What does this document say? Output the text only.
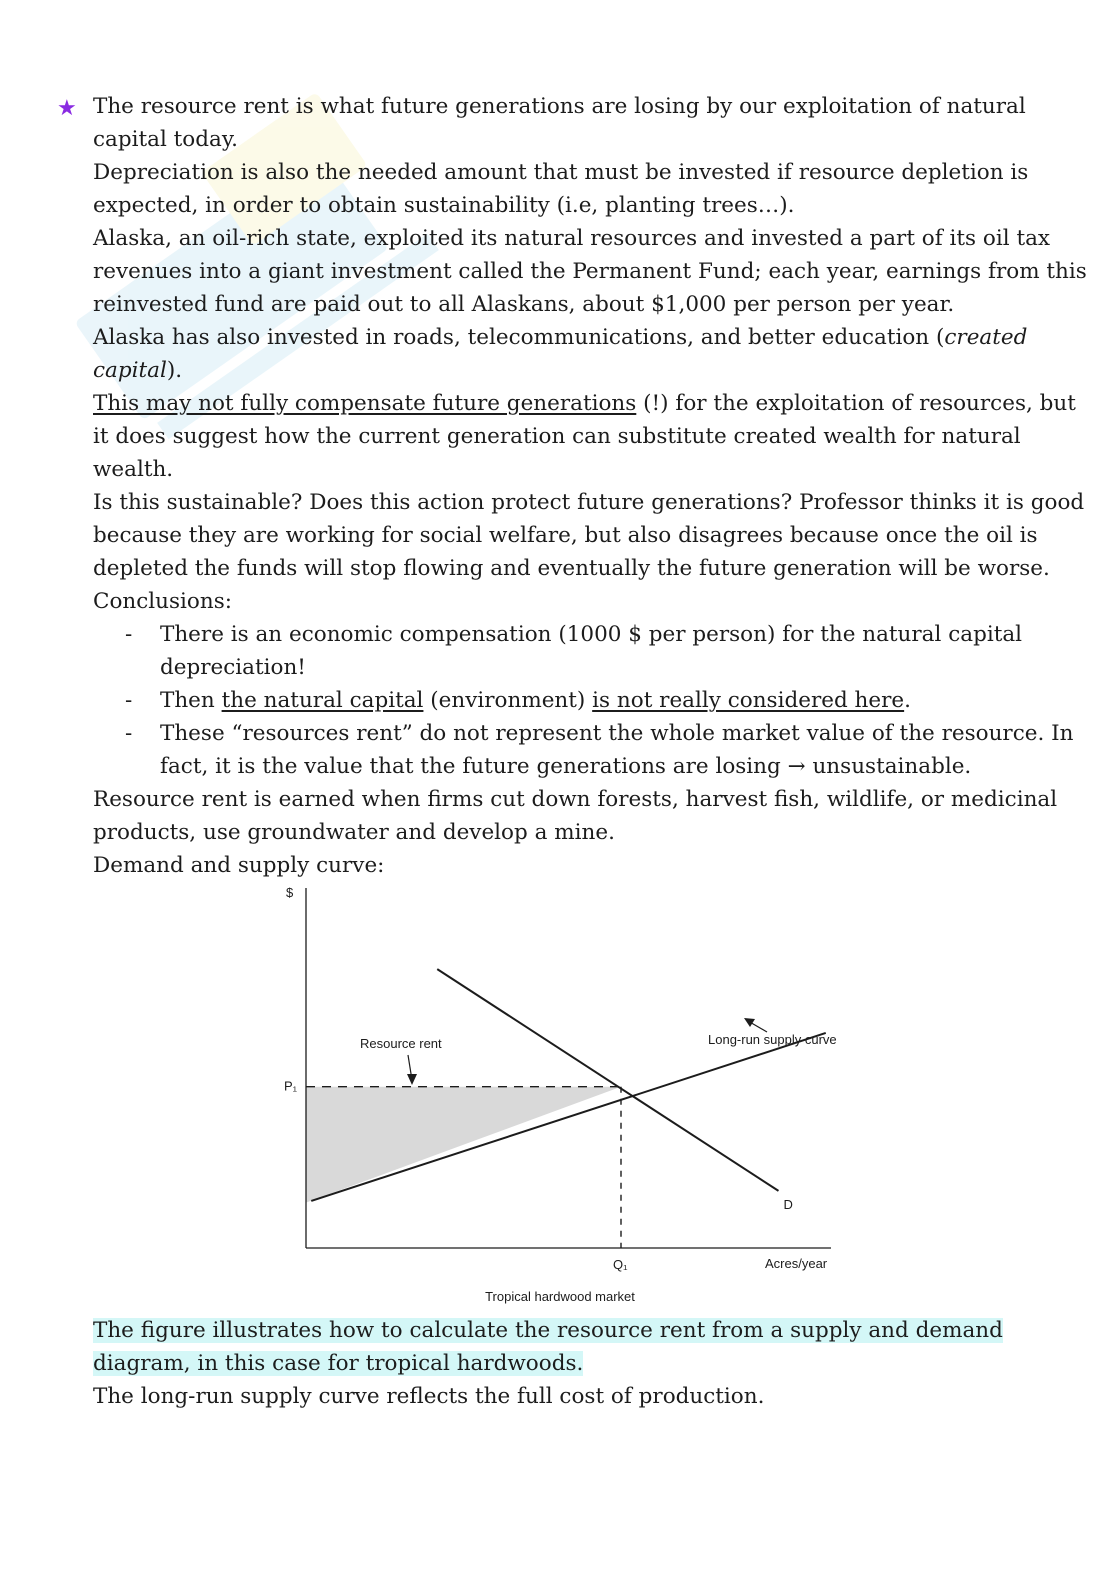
★ The resource rent is what future generations are losing by our exploitation of natural
capital today.
Depreciation is also the needed amount that must be invested if resource depletion is
expected, in order to obtain sustainability (i.e, planting trees…).
Alaska, an oil-rich state, exploited its natural resources and invested a part of its oil tax
revenues into a giant investment called the Permanent Fund; each year, earnings from this
reinvested fund are paid out to all Alaskans, about $1,000 per person per year.
Alaska has also invested in roads, telecommunications, and better education (created
capital).
This may not fully compensate future generations (!) for the exploitation of resources, but
it does suggest how the current generation can substitute created wealth for natural
wealth.
Is this sustainable? Does this action protect future generations? Professor thinks it is good
because they are working for social welfare, but also disagrees because once the oil is
depleted the funds will stop flowing and eventually the future generation will be worse.
Conclusions:
- There is an economic compensation (1000 $ per person) for the natural capital
depreciation!
- Then the natural capital (environment) is not really considered here.
- These “resources rent” do not represent the whole market value of the resource. In
fact, it is the value that the future generations are losing → unsustainable.
Resource rent is earned when firms cut down forests, harvest fish, wildlife, or medicinal
products, use groundwater and develop a mine.
Demand and supply curve:
The figure illustrates how to calculate the resource rent from a supply and demand
diagram, in this case for tropical hardwoods.
The long-run supply curve reflects the full cost of production.
$
P₁
Q₁	Acres/year
Resource rent	Long-run supply curve
D
Tropical hardwood market
